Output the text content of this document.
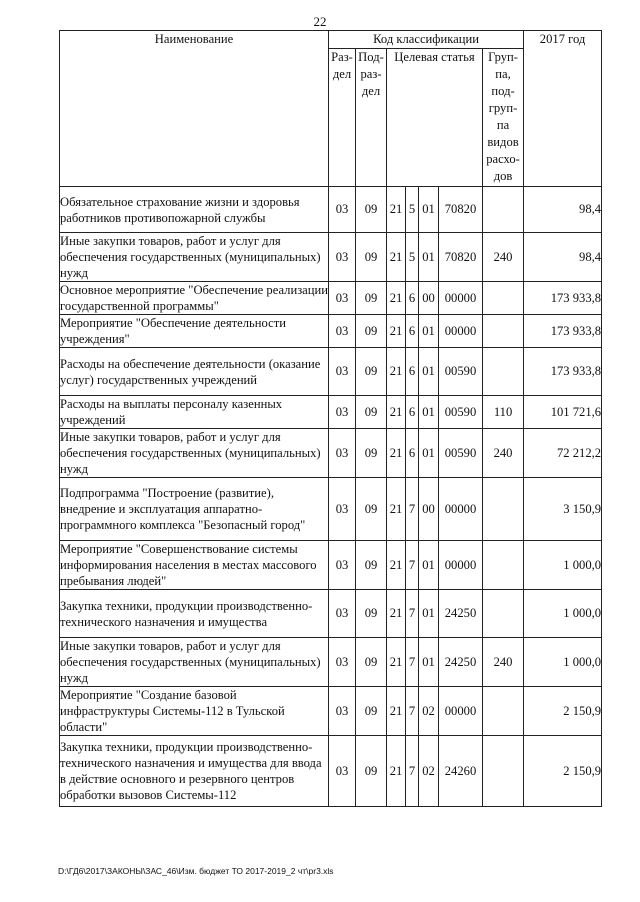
22
Наименование	Код классификации							2017 год
	Раз- дел	Под- раз- дел	Целевая статья				Груп- па, под- груп- па видов расхо- дов	
Обязательное страхование жизни и здоровья работников противопожарной службы	03	09	21	5	01	70820		98,4
Иные закупки товаров, работ и услуг для обеспечения государственных (муниципальных) нужд	03	09	21	5	01	70820	240	98,4
Основное мероприятие "Обеспечение реализации государственной программы"	03	09	21	6	00	00000		173 933,8
Мероприятие "Обеспечение деятельности учреждения"	03	09	21	6	01	00000		173 933,8
Расходы на обеспечение деятельности (оказание услуг) государственных учреждений	03	09	21	6	01	00590		173 933,8
Расходы на выплаты персоналу казенных учреждений	03	09	21	6	01	00590	110	101 721,6
Иные закупки товаров, работ и услуг для обеспечения государственных (муниципальных) нужд	03	09	21	6	01	00590	240	72 212,2
Подпрограмма "Построение (развитие), внедрение и эксплуатация аппаратно-программного комплекса "Безопасный город"	03	09	21	7	00	00000		3 150,9
Мероприятие "Совершенствование системы информирования населения в местах массового пребывания людей"	03	09	21	7	01	00000		1 000,0
Закупка техники, продукции производственно-технического назначения и имущества	03	09	21	7	01	24250		1 000,0
Иные закупки товаров, работ и услуг для обеспечения государственных (муниципальных) нужд	03	09	21	7	01	24250	240	1 000,0
Мероприятие "Создание базовой инфраструктуры Системы-112 в Тульской области"	03	09	21	7	02	00000		2 150,9
Закупка техники, продукции производственно-технического назначения и имущества для ввода в действие основного и резервного центров обработки вызовов Системы-112	03	09	21	7	02	24260		2 150,9
D:\ГД6\2017\ЗАКОНЫ\ЗАС_46\Изм. бюджет ТО 2017-2019_2 чт\pr3.xls
